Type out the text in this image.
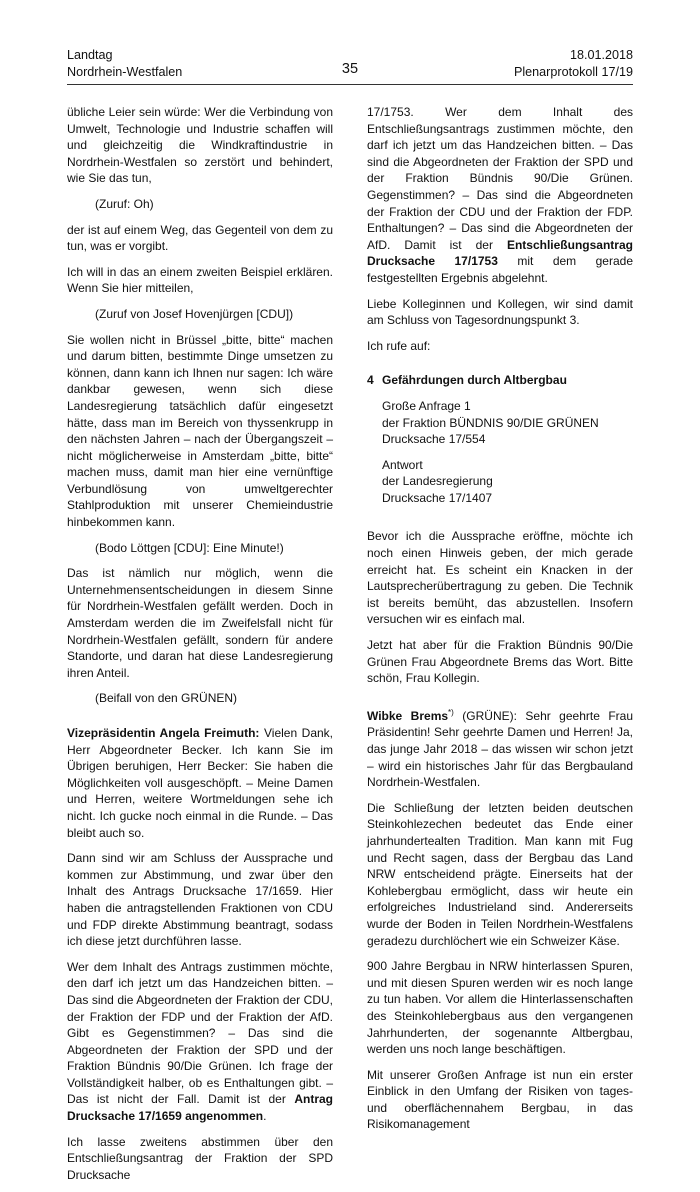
Landtag
Nordrhein-Westfalen	35
18.01.2018
Plenarprotokoll 17/19

übliche Leier sein würde: Wer die Verbindung von Umwelt, Technologie und Industrie schaffen will und gleichzeitig die Windkraftindustrie in Nordrhein-Westfalen so zerstört und behindert, wie Sie das tun,

(Zuruf: Oh)

der ist auf einem Weg, das Gegenteil von dem zu tun, was er vorgibt.

Ich will in das an einem zweiten Beispiel erklären. Wenn Sie hier mitteilen,

(Zuruf von Josef Hovenjürgen [CDU])

Sie wollen nicht in Brüssel „bitte, bitte“ machen und darum bitten, bestimmte Dinge umsetzen zu können, dann kann ich Ihnen nur sagen: Ich wäre dankbar gewesen, wenn sich diese Landesregierung tatsächlich dafür eingesetzt hätte, dass man im Bereich von thyssenkrupp in den nächsten Jahren – nach der Übergangszeit – nicht möglicherweise in Amsterdam „bitte, bitte“ machen muss, damit man hier eine vernünftige Verbundlösung von umweltgerechter Stahlproduktion mit unserer Chemieindustrie hinbekommen kann.

(Bodo Löttgen [CDU]: Eine Minute!)

Das ist nämlich nur möglich, wenn die Unternehmensentscheidungen in diesem Sinne für Nordrhein-Westfalen gefällt werden. Doch in Amsterdam werden die im Zweifelsfall nicht für Nordrhein-Westfalen gefällt, sondern für andere Standorte, und daran hat diese Landesregierung ihren Anteil.

(Beifall von den GRÜNEN)

Vizepräsidentin Angela Freimuth: Vielen Dank, Herr Abgeordneter Becker. Ich kann Sie im Übrigen beruhigen, Herr Becker: Sie haben die Möglichkeiten voll ausgeschöpft. – Meine Damen und Herren, weitere Wortmeldungen sehe ich nicht. Ich gucke noch einmal in die Runde. – Das bleibt auch so.

Dann sind wir am Schluss der Aussprache und kommen zur Abstimmung, und zwar über den Inhalt des Antrags Drucksache 17/1659. Hier haben die antragstellenden Fraktionen von CDU und FDP direkte Abstimmung beantragt, sodass ich diese jetzt durchführen lasse.

Wer dem Inhalt des Antrags zustimmen möchte, den darf ich jetzt um das Handzeichen bitten. – Das sind die Abgeordneten der Fraktion der CDU, der Fraktion der FDP und der Fraktion der AfD. Gibt es Gegenstimmen? – Das sind die Abgeordneten der Fraktion der SPD und der Fraktion Bündnis 90/Die Grünen. Ich frage der Vollständigkeit halber, ob es Enthaltungen gibt. – Das ist nicht der Fall. Damit ist der Antrag Drucksache 17/1659 angenommen.

Ich lasse zweitens abstimmen über den Entschließungsantrag der Fraktion der SPD Drucksache

17/1753. Wer dem Inhalt des Entschließungsantrags zustimmen möchte, den darf ich jetzt um das Handzeichen bitten. – Das sind die Abgeordneten der Fraktion der SPD und der Fraktion Bündnis 90/Die Grünen. Gegenstimmen? – Das sind die Abgeordneten der Fraktion der CDU und der Fraktion der FDP. Enthaltungen? – Das sind die Abgeordneten der AfD. Damit ist der Entschließungsantrag Drucksache 17/1753 mit dem gerade festgestellten Ergebnis abgelehnt.

Liebe Kolleginnen und Kollegen, wir sind damit am Schluss von Tagesordnungspunkt 3.

Ich rufe auf:

4 Gefährdungen durch Altbergbau
Große Anfrage 1
der Fraktion BÜNDNIS 90/DIE GRÜNEN
Drucksache 17/554
Antwort
der Landesregierung
Drucksache 17/1407

Bevor ich die Aussprache eröffne, möchte ich noch einen Hinweis geben, der mich gerade erreicht hat. Es scheint ein Knacken in der Lautsprecherübertragung zu geben. Die Technik ist bereits bemüht, das abzustellen. Insofern versuchen wir es einfach mal.

Jetzt hat aber für die Fraktion Bündnis 90/Die Grünen Frau Abgeordnete Brems das Wort. Bitte schön, Frau Kollegin.

Wibke Brems*) (GRÜNE): Sehr geehrte Frau Präsidentin! Sehr geehrte Damen und Herren! Ja, das junge Jahr 2018 – das wissen wir schon jetzt – wird ein historisches Jahr für das Bergbauland Nordrhein-Westfalen.

Die Schließung der letzten beiden deutschen Steinkohlezechen bedeutet das Ende einer jahrhundertealten Tradition. Man kann mit Fug und Recht sagen, dass der Bergbau das Land NRW entscheidend prägte. Einerseits hat der Kohlebergbau ermöglicht, dass wir heute ein erfolgreiches Industrieland sind. Andererseits wurde der Boden in Teilen Nordrhein-Westfalens geradezu durchlöchert wie ein Schweizer Käse.

900 Jahre Bergbau in NRW hinterlassen Spuren, und mit diesen Spuren werden wir es noch lange zu tun haben. Vor allem die Hinterlassenschaften des Steinkohlebergbaus aus den vergangenen Jahrhunderten, der sogenannte Altbergbau, werden uns noch lange beschäftigen.

Mit unserer Großen Anfrage ist nun ein erster Einblick in den Umfang der Risiken von tages- und oberflächennahem Bergbau, in das Risikomanagement
